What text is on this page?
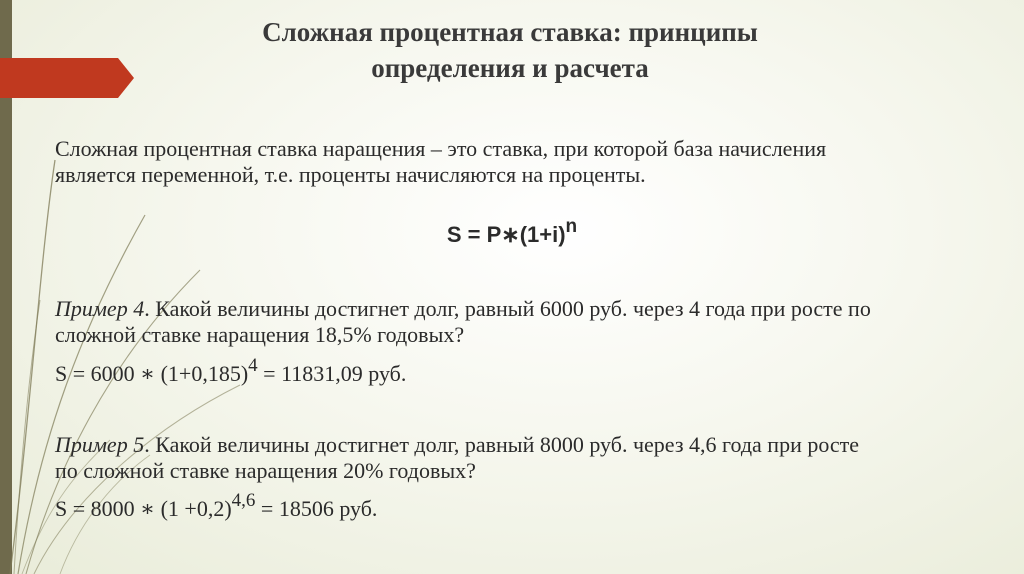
Сложная процентная ставка: принципы
определения и расчета
Сложная процентная ставка наращения – это ставка, при которой база начисления
является переменной, т.е. проценты начисляются на проценты.
$S = P∗(1+i)^n$
Пример 4. Какой величины достигнет долг, равный 6000 руб. через 4 года при росте по
сложной ставке наращения 18,5% годовых?
S = 6000 ∗ $(1+0,185)^4 = 11831,09$ руб.
Пример 5. Какой величины достигнет долг, равный 8000 руб. через 4,6 года при росте
по сложной ставке наращения 20% годовых?
S = 8000 ∗ $(1 +0,2)^{4,6} = 18506$ руб.
